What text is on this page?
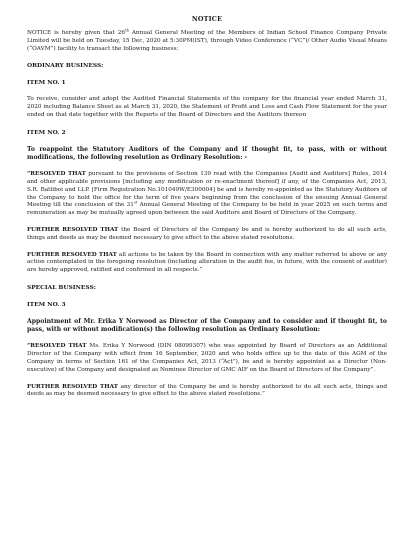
NOTICE

NOTICE is hereby given that 26th Annual General Meeting of the Members of Indian School Finance Company Private Limited will be held on Tuesday, 15 Dec, 2020 at 5:30PM(IST), through Video Conference (“VC”)/ Other Audio Visual Means (“OAVM”) facility to transact the following business:

ORDINARY BUSINESS:

ITEM NO. 1

To receive, consider and adopt the Audited Financial Statements of the company for the financial year ended March 31, 2020 including Balance Sheet as at March 31, 2020, the Statement of Profit and Loss and Cash Flow Statement for the year ended on that date together with the Reports of the Board of Directors and the Auditors thereon

ITEM NO. 2

To reappoint the Statutory Auditors of the Company and if thought fit, to pass, with or without modifications, the following resolution as Ordinary Resolution: -

“RESOLVED THAT pursuant to the provisions of Section 139 read with the Companies [Audit and Auditors] Rules, 2014 and other applicable provisions [including any modification or re-enactment thereof] if any, of the Companies Act, 2013, S.R. Batliboi and LLP. [Firm Registration No.101049W/E300004] be and is hereby re-appointed as the Statutory Auditors of the Company to hold the office for the term of five years beginning from the conclusion of the ensuing Annual General Meeting till the conclusion of the 31st Annual General Meeting of the Company to be held in year 2025 on such terms and remuneration as may be mutually agreed upon between the said Auditors and Board of Directors of the Company.

FURTHER RESOLVED THAT the Board of Directors of the Company be and is hereby authorized to do all such acts, things and deeds as may be deemed necessary to give effect to the above stated resolutions.

FURTHER RESOLVED THAT all actions to be taken by the Board in connection with any matter referred to above or any action contemplated in the foregoing resolution (including alteration in the audit fee, in future, with the consent of auditor) are hereby approved, ratified and confirmed in all respects.”

SPECIAL BUSINESS:

ITEM NO. 3

Appointment of Mr. Erika Y Norwood as Director of the Company and to consider and if thought fit, to pass, with or without modification(s) the following resolution as Ordinary Resolution:

“RESOLVED THAT Ms. Erika Y Norwood (DIN 08099307) who was appointed by Board of Directors as an Additional Director of the Company with effect from 16 September, 2020 and who holds office up to the date of this AGM of the Company in terms of Section 161 of the Companies Act, 2013 (“Act”), be and is hereby appointed as a Director (Non-executive) of the Company and designated as Nominee Director of GMC AIF on the Board of Directors of the Company”.

FURTHER RESOLVED THAT any director of the Company be and is hereby authorized to do all such acts, things and deeds as may be deemed necessary to give effect to the above stated resolutions.”
